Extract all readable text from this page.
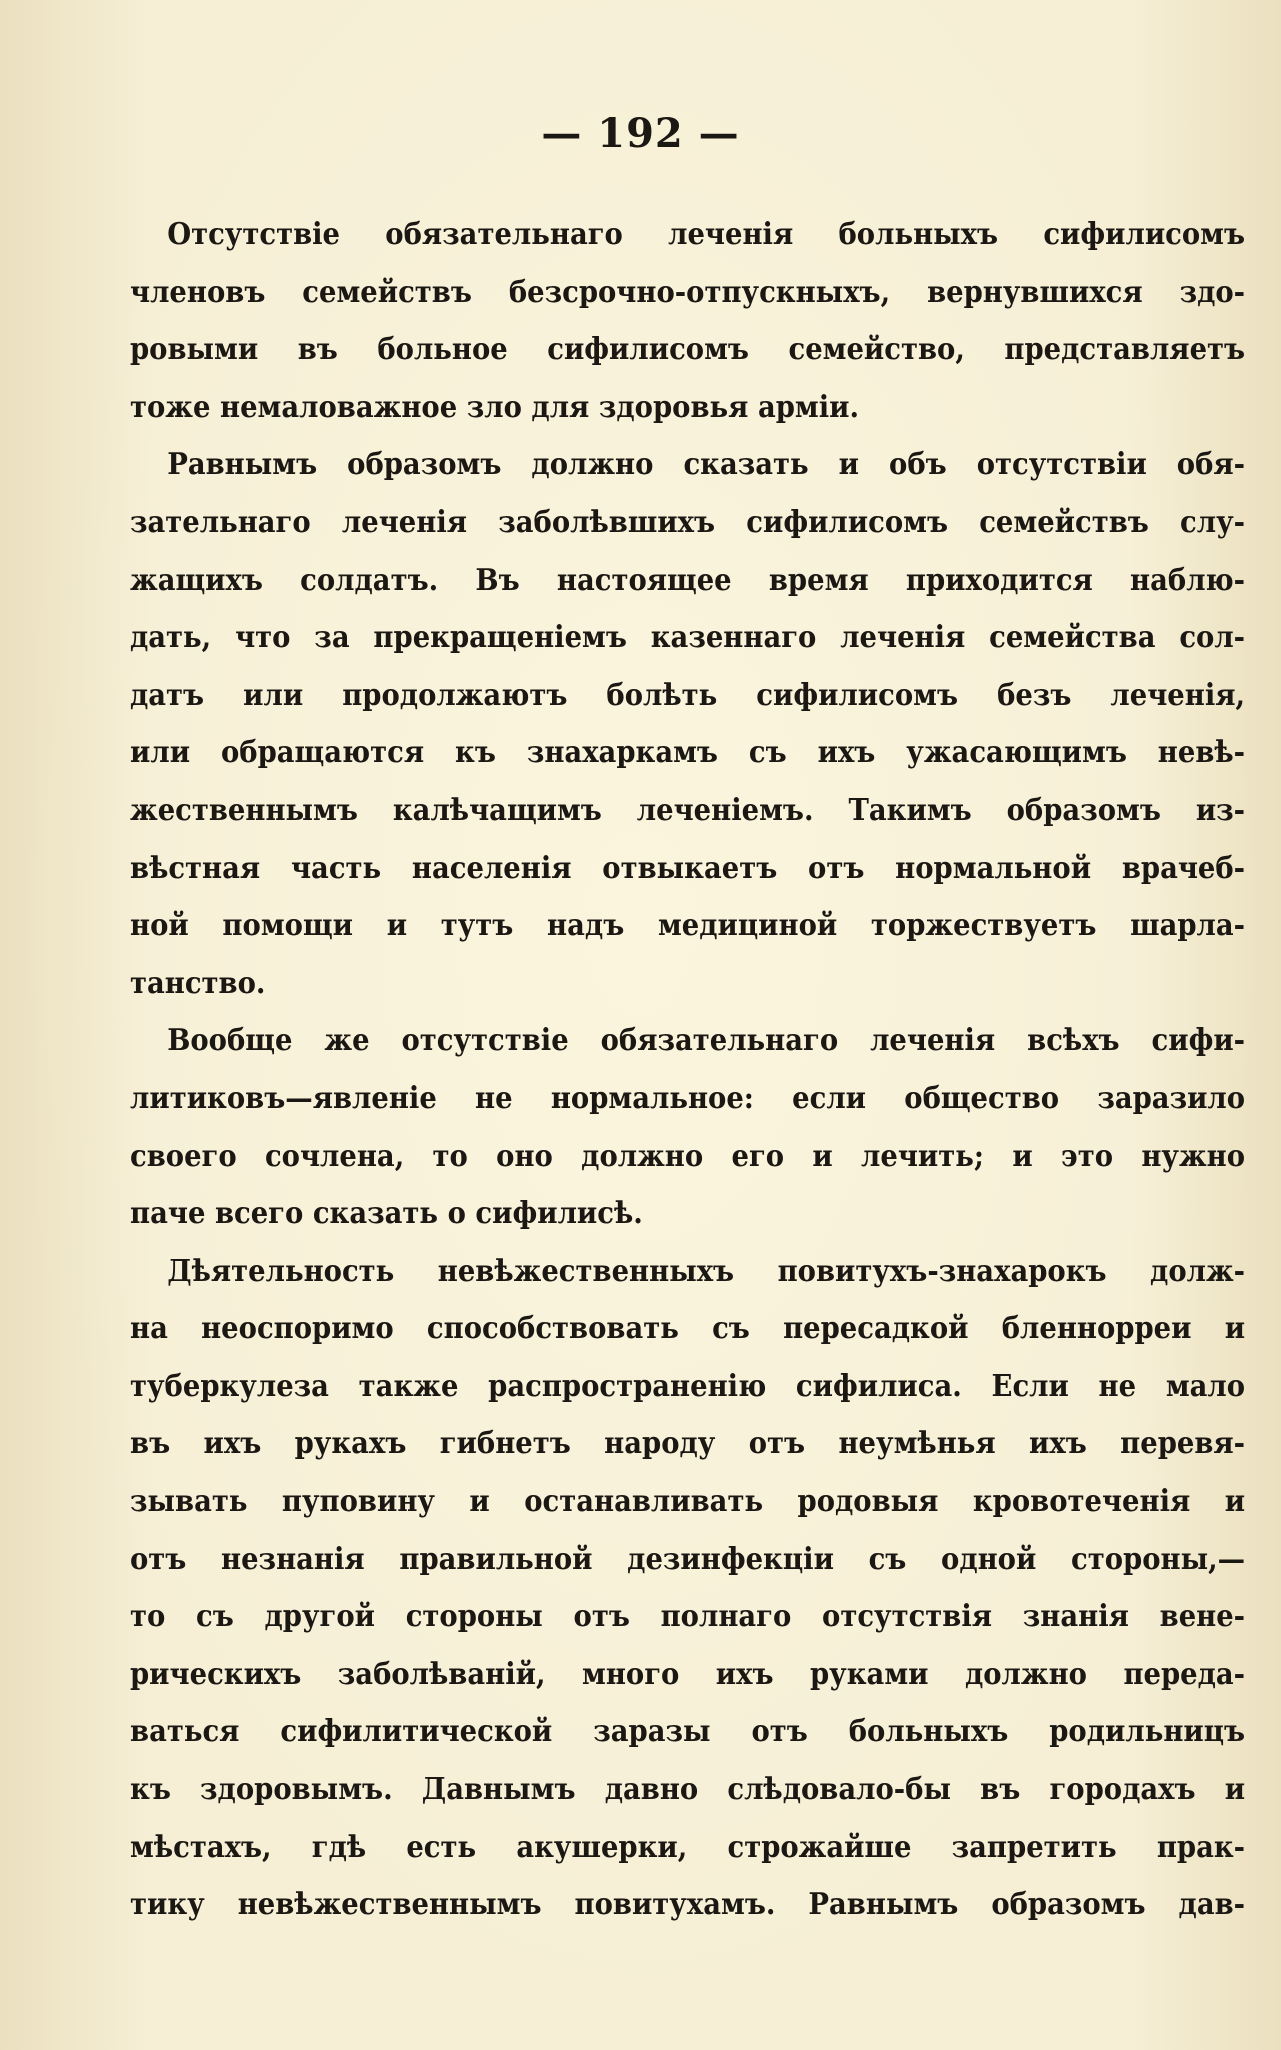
— 192 —
Отсутствіе обязательнаго леченія больныхъ сифилисомъ
членовъ семействъ безсрочно-отпускныхъ, вернувшихся здо-
ровыми въ больное сифилисомъ семейство, представляетъ
тоже немаловажное зло для здоровья арміи.
Равнымъ образомъ должно сказать и объ отсутствіи обя-
зательнаго леченія заболѣвшихъ сифилисомъ семействъ слу-
жащихъ солдатъ. Въ настоящее время приходится наблю-
дать, что за прекращеніемъ казеннаго леченія семейства сол-
датъ или продолжаютъ болѣть сифилисомъ безъ леченія,
или обращаются къ знахаркамъ съ ихъ ужасающимъ невѣ-
жественнымъ калѣчащимъ леченіемъ. Такимъ образомъ из-
вѣстная часть населенія отвыкаетъ отъ нормальной врачеб-
ной помощи и тутъ надъ медициной торжествуетъ шарла-
танство.
Вообще же отсутствіе обязательнаго леченія всѣхъ сифи-
литиковъ—явленіе не нормальное: если общество заразило
своего сочлена, то оно должно его и лечить; и это нужно
паче всего сказать о сифилисѣ.
Дѣятельность невѣжественныхъ повитухъ-знахарокъ долж-
на неоспоримо способствовать съ пересадкой бленнорреи и
туберкулеза также распространенію сифилиса. Если не мало
въ ихъ рукахъ гибнетъ народу отъ неумѣнья ихъ перевя-
зывать пуповину и останавливать родовыя кровотеченія и
отъ незнанія правильной дезинфекціи съ одной стороны,—
то съ другой стороны отъ полнаго отсутствія знанія вене-
рическихъ заболѣваній, много ихъ руками должно переда-
ваться сифилитической заразы отъ больныхъ родильницъ
къ здоровымъ. Давнымъ давно слѣдовало-бы въ городахъ и
мѣстахъ, гдѣ есть акушерки, строжайше запретить прак-
тику невѣжественнымъ повитухамъ. Равнымъ образомъ дав-
